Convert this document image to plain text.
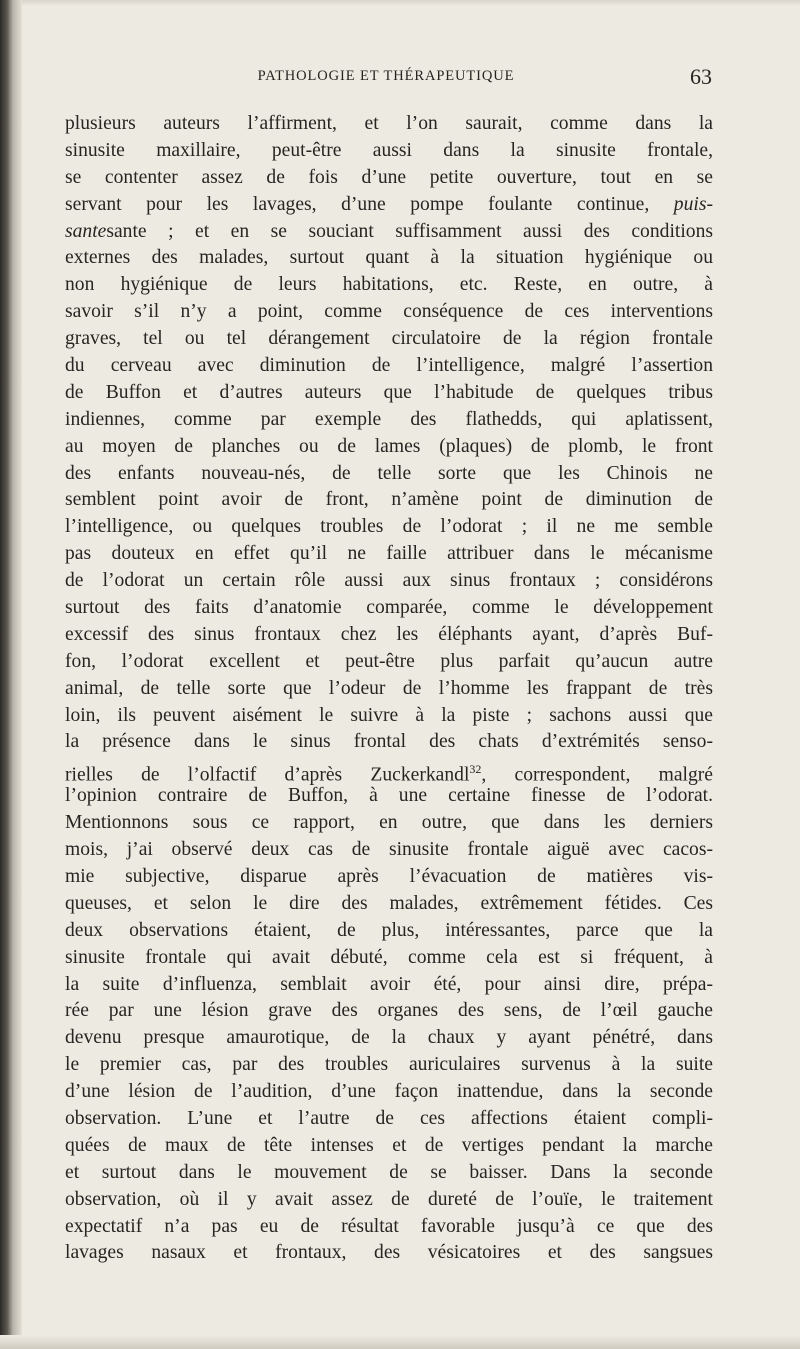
PATHOLOGIE ET THÉRAPEUTIQUE	63
plusieurs auteurs l’affirment, et l’on saurait, comme dans la
sinusite maxillaire, peut-être aussi dans la sinusite frontale,
se contenter assez de fois d’une petite ouverture, tout en se
servant pour les lavages, d’une pompe foulante continue, puis-
santesante ; et en se souciant suffisamment aussi des conditions
externes des malades, surtout quant à la situation hygiénique ou
non hygiénique de leurs habitations, etc. Reste, en outre, à
savoir s’il n’y a point, comme conséquence de ces interventions
graves, tel ou tel dérangement circulatoire de la région frontale
du cerveau avec diminution de l’intelligence, malgré l’assertion
de Buffon et d’autres auteurs que l’habitude de quelques tribus
indiennes, comme par exemple des flathedds, qui aplatissent,
au moyen de planches ou de lames (plaques) de plomb, le front
des enfants nouveau-nés, de telle sorte que les Chinois ne
semblent point avoir de front, n’amène point de diminution de
l’intelligence, ou quelques troubles de l’odorat ; il ne me semble
pas douteux en effet qu’il ne faille attribuer dans le mécanisme
de l’odorat un certain rôle aussi aux sinus frontaux ; considérons
surtout des faits d’anatomie comparée, comme le développement
excessif des sinus frontaux chez les éléphants ayant, d’après Buf-
fon, l’odorat excellent et peut-être plus parfait qu’aucun autre
animal, de telle sorte que l’odeur de l’homme les frappant de très
loin, ils peuvent aisément le suivre à la piste ; sachons aussi que
la présence dans le sinus frontal des chats d’extrémités senso-
rielles de l’olfactif d’après Zuckerkandl$^{32}$, correspondent, malgré
l’opinion contraire de Buffon, à une certaine finesse de l’odorat.
Mentionnons sous ce rapport, en outre, que dans les derniers
mois, j’ai observé deux cas de sinusite frontale aiguë avec cacos-
mie subjective, disparue après l’évacuation de matières vis-
queuses, et selon le dire des malades, extrêmement fétides. Ces
deux observations étaient, de plus, intéressantes, parce que la
sinusite frontale qui avait débuté, comme cela est si fréquent, à
la suite d’influenza, semblait avoir été, pour ainsi dire, prépa-
rée par une lésion grave des organes des sens, de l’œil gauche
devenu presque amaurotique, de la chaux y ayant pénétré, dans
le premier cas, par des troubles auriculaires survenus à la suite
d’une lésion de l’audition, d’une façon inattendue, dans la seconde
observation. L’une et l’autre de ces affections étaient compli-
quées de maux de tête intenses et de vertiges pendant la marche
et surtout dans le mouvement de se baisser. Dans la seconde
observation, où il y avait assez de dureté de l’ouïe, le traitement
expectatif n’a pas eu de résultat favorable jusqu’à ce que des
lavages nasaux et frontaux, des vésicatoires et des sangsues
